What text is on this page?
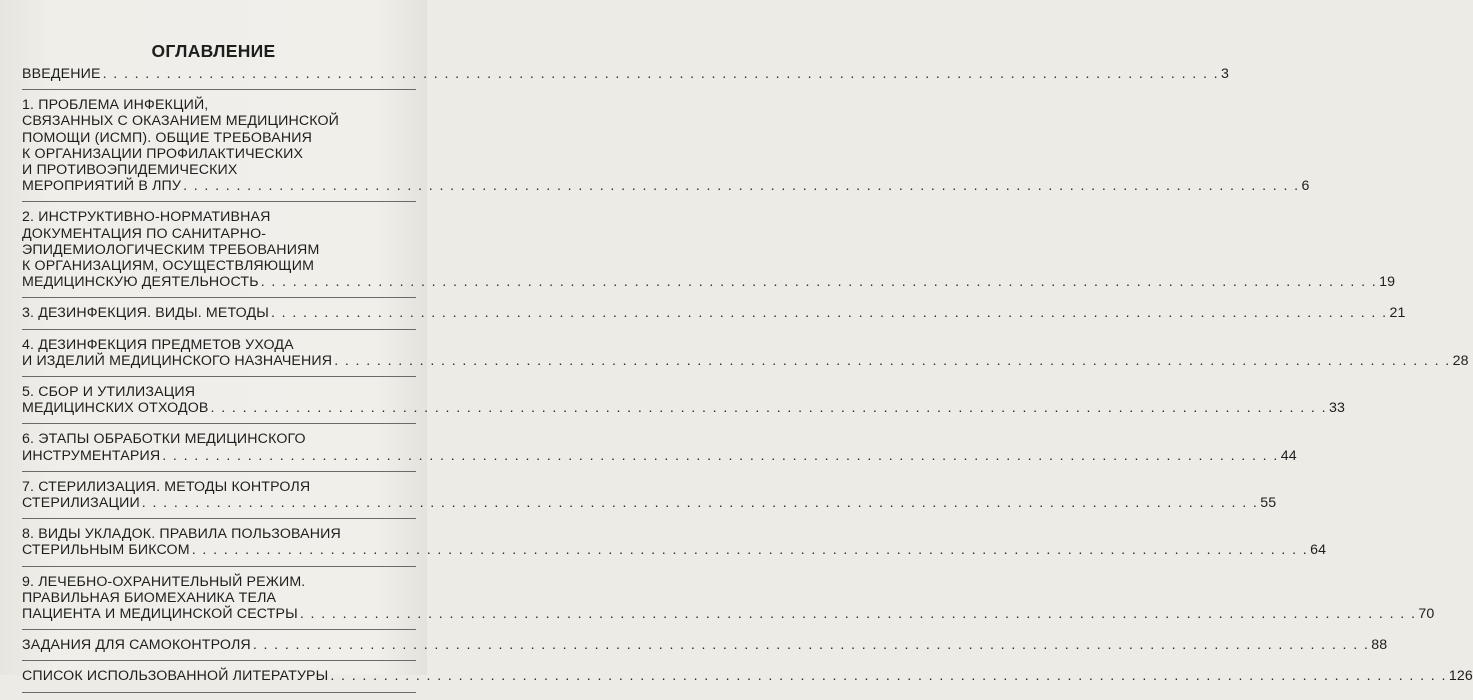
ОГЛАВЛЕНИЕ
ВВЕДЕНИЕ . . . . . . . . . . . . . . . . . . . . . . . . . . . . . . . . . . . . . . . . . . . . . . . . . . . . . . . . . . . . . . . . . . . . . . . . . . . . . . . . . . . . . . . . . . . . . . . . . . . . . . . . . 3
1. ПРОБЛЕМА ИНФЕКЦИЙ,
СВЯЗАННЫХ С ОКАЗАНИЕМ МЕДИЦИНСКОЙ
ПОМОЩИ (ИСМП). ОБЩИЕ ТРЕБОВАНИЯ
К ОРГАНИЗАЦИИ ПРОФИЛАКТИЧЕСКИХ
И ПРОТИВОЭПИДЕМИЧЕСКИХ
МЕРОПРИЯТИЙ В ЛПУ . . . . . . . . . . . . . . . . . . . . . . . . . . . . . . . . . . . . . . . . . . . . . . . . . . . . . . . . . . . . . . . . . . . . . . . . . . . . . . . . . . . . . . . . . . . . . . . . . . . . . . . . . 6
2. ИНСТРУКТИВНО-НОРМАТИВНАЯ
ДОКУМЕНТАЦИЯ ПО САНИТАРНО-
ЭПИДЕМИОЛОГИЧЕСКИМ ТРЕБОВАНИЯМ
К ОРГАНИЗАЦИЯМ, ОСУЩЕСТВЛЯЮЩИМ
МЕДИЦИНСКУЮ ДЕЯТЕЛЬНОСТЬ . . . . . . . . . . . . . . . . . . . . . . . . . . . . . . . . . . . . . . . . . . . . . . . . . . . . . . . . . . . . . . . . . . . . . . . . . . . . . . . . . . . . . . . . . . . . . . . . . . . . . . . . . 19
3. ДЕЗИНФЕКЦИЯ. ВИДЫ. МЕТОДЫ . . . . . . . . . . . . . . . . . . . . . . . . . . . . . . . . . . . . . . . . . . . . . . . . . . . . . . . . . . . . . . . . . . . . . . . . . . . . . . . . . . . . . . . . . . . . . . . . . . . . . . . . . 21
4. ДЕЗИНФЕКЦИЯ ПРЕДМЕТОВ УХОДА
И ИЗДЕЛИЙ МЕДИЦИНСКОГО НАЗНАЧЕНИЯ . . . . . . . . . . . . . . . . . . . . . . . . . . . . . . . . . . . . . . . . . . . . . . . . . . . . . . . . . . . . . . . . . . . . . . . . . . . . . . . . . . . . . . . . . . . . . . . . . . . . . . . . . 28
5. СБОР И УТИЛИЗАЦИЯ
МЕДИЦИНСКИХ ОТХОДОВ . . . . . . . . . . . . . . . . . . . . . . . . . . . . . . . . . . . . . . . . . . . . . . . . . . . . . . . . . . . . . . . . . . . . . . . . . . . . . . . . . . . . . . . . . . . . . . . . . . . . . . . . . 33
6. ЭТАПЫ ОБРАБОТКИ МЕДИЦИНСКОГО
ИНСТРУМЕНТАРИЯ . . . . . . . . . . . . . . . . . . . . . . . . . . . . . . . . . . . . . . . . . . . . . . . . . . . . . . . . . . . . . . . . . . . . . . . . . . . . . . . . . . . . . . . . . . . . . . . . . . . . . . . . . 44
7. СТЕРИЛИЗАЦИЯ. МЕТОДЫ КОНТРОЛЯ
СТЕРИЛИЗАЦИИ . . . . . . . . . . . . . . . . . . . . . . . . . . . . . . . . . . . . . . . . . . . . . . . . . . . . . . . . . . . . . . . . . . . . . . . . . . . . . . . . . . . . . . . . . . . . . . . . . . . . . . . . . 55
8. ВИДЫ УКЛАДОК. ПРАВИЛА ПОЛЬЗОВАНИЯ
СТЕРИЛЬНЫМ БИКСОМ . . . . . . . . . . . . . . . . . . . . . . . . . . . . . . . . . . . . . . . . . . . . . . . . . . . . . . . . . . . . . . . . . . . . . . . . . . . . . . . . . . . . . . . . . . . . . . . . . . . . . . . . . 64
9. ЛЕЧЕБНО-ОХРАНИТЕЛЬНЫЙ РЕЖИМ.
ПРАВИЛЬНАЯ БИОМЕХАНИКА ТЕЛА
ПАЦИЕНТА И МЕДИЦИНСКОЙ СЕСТРЫ . . . . . . . . . . . . . . . . . . . . . . . . . . . . . . . . . . . . . . . . . . . . . . . . . . . . . . . . . . . . . . . . . . . . . . . . . . . . . . . . . . . . . . . . . . . . . . . . . . . . . . . . . 70
ЗАДАНИЯ ДЛЯ САМОКОНТРОЛЯ . . . . . . . . . . . . . . . . . . . . . . . . . . . . . . . . . . . . . . . . . . . . . . . . . . . . . . . . . . . . . . . . . . . . . . . . . . . . . . . . . . . . . . . . . . . . . . . . . . . . . . . . . 88
СПИСОК ИСПОЛЬЗОВАННОЙ ЛИТЕРАТУРЫ . . . . . . . . . . . . . . . . . . . . . . . . . . . . . . . . . . . . . . . . . . . . . . . . . . . . . . . . . . . . . . . . . . . . . . . . . . . . . . . . . . . . . . . . . . . . . . . . . . . . . . . . . 126
